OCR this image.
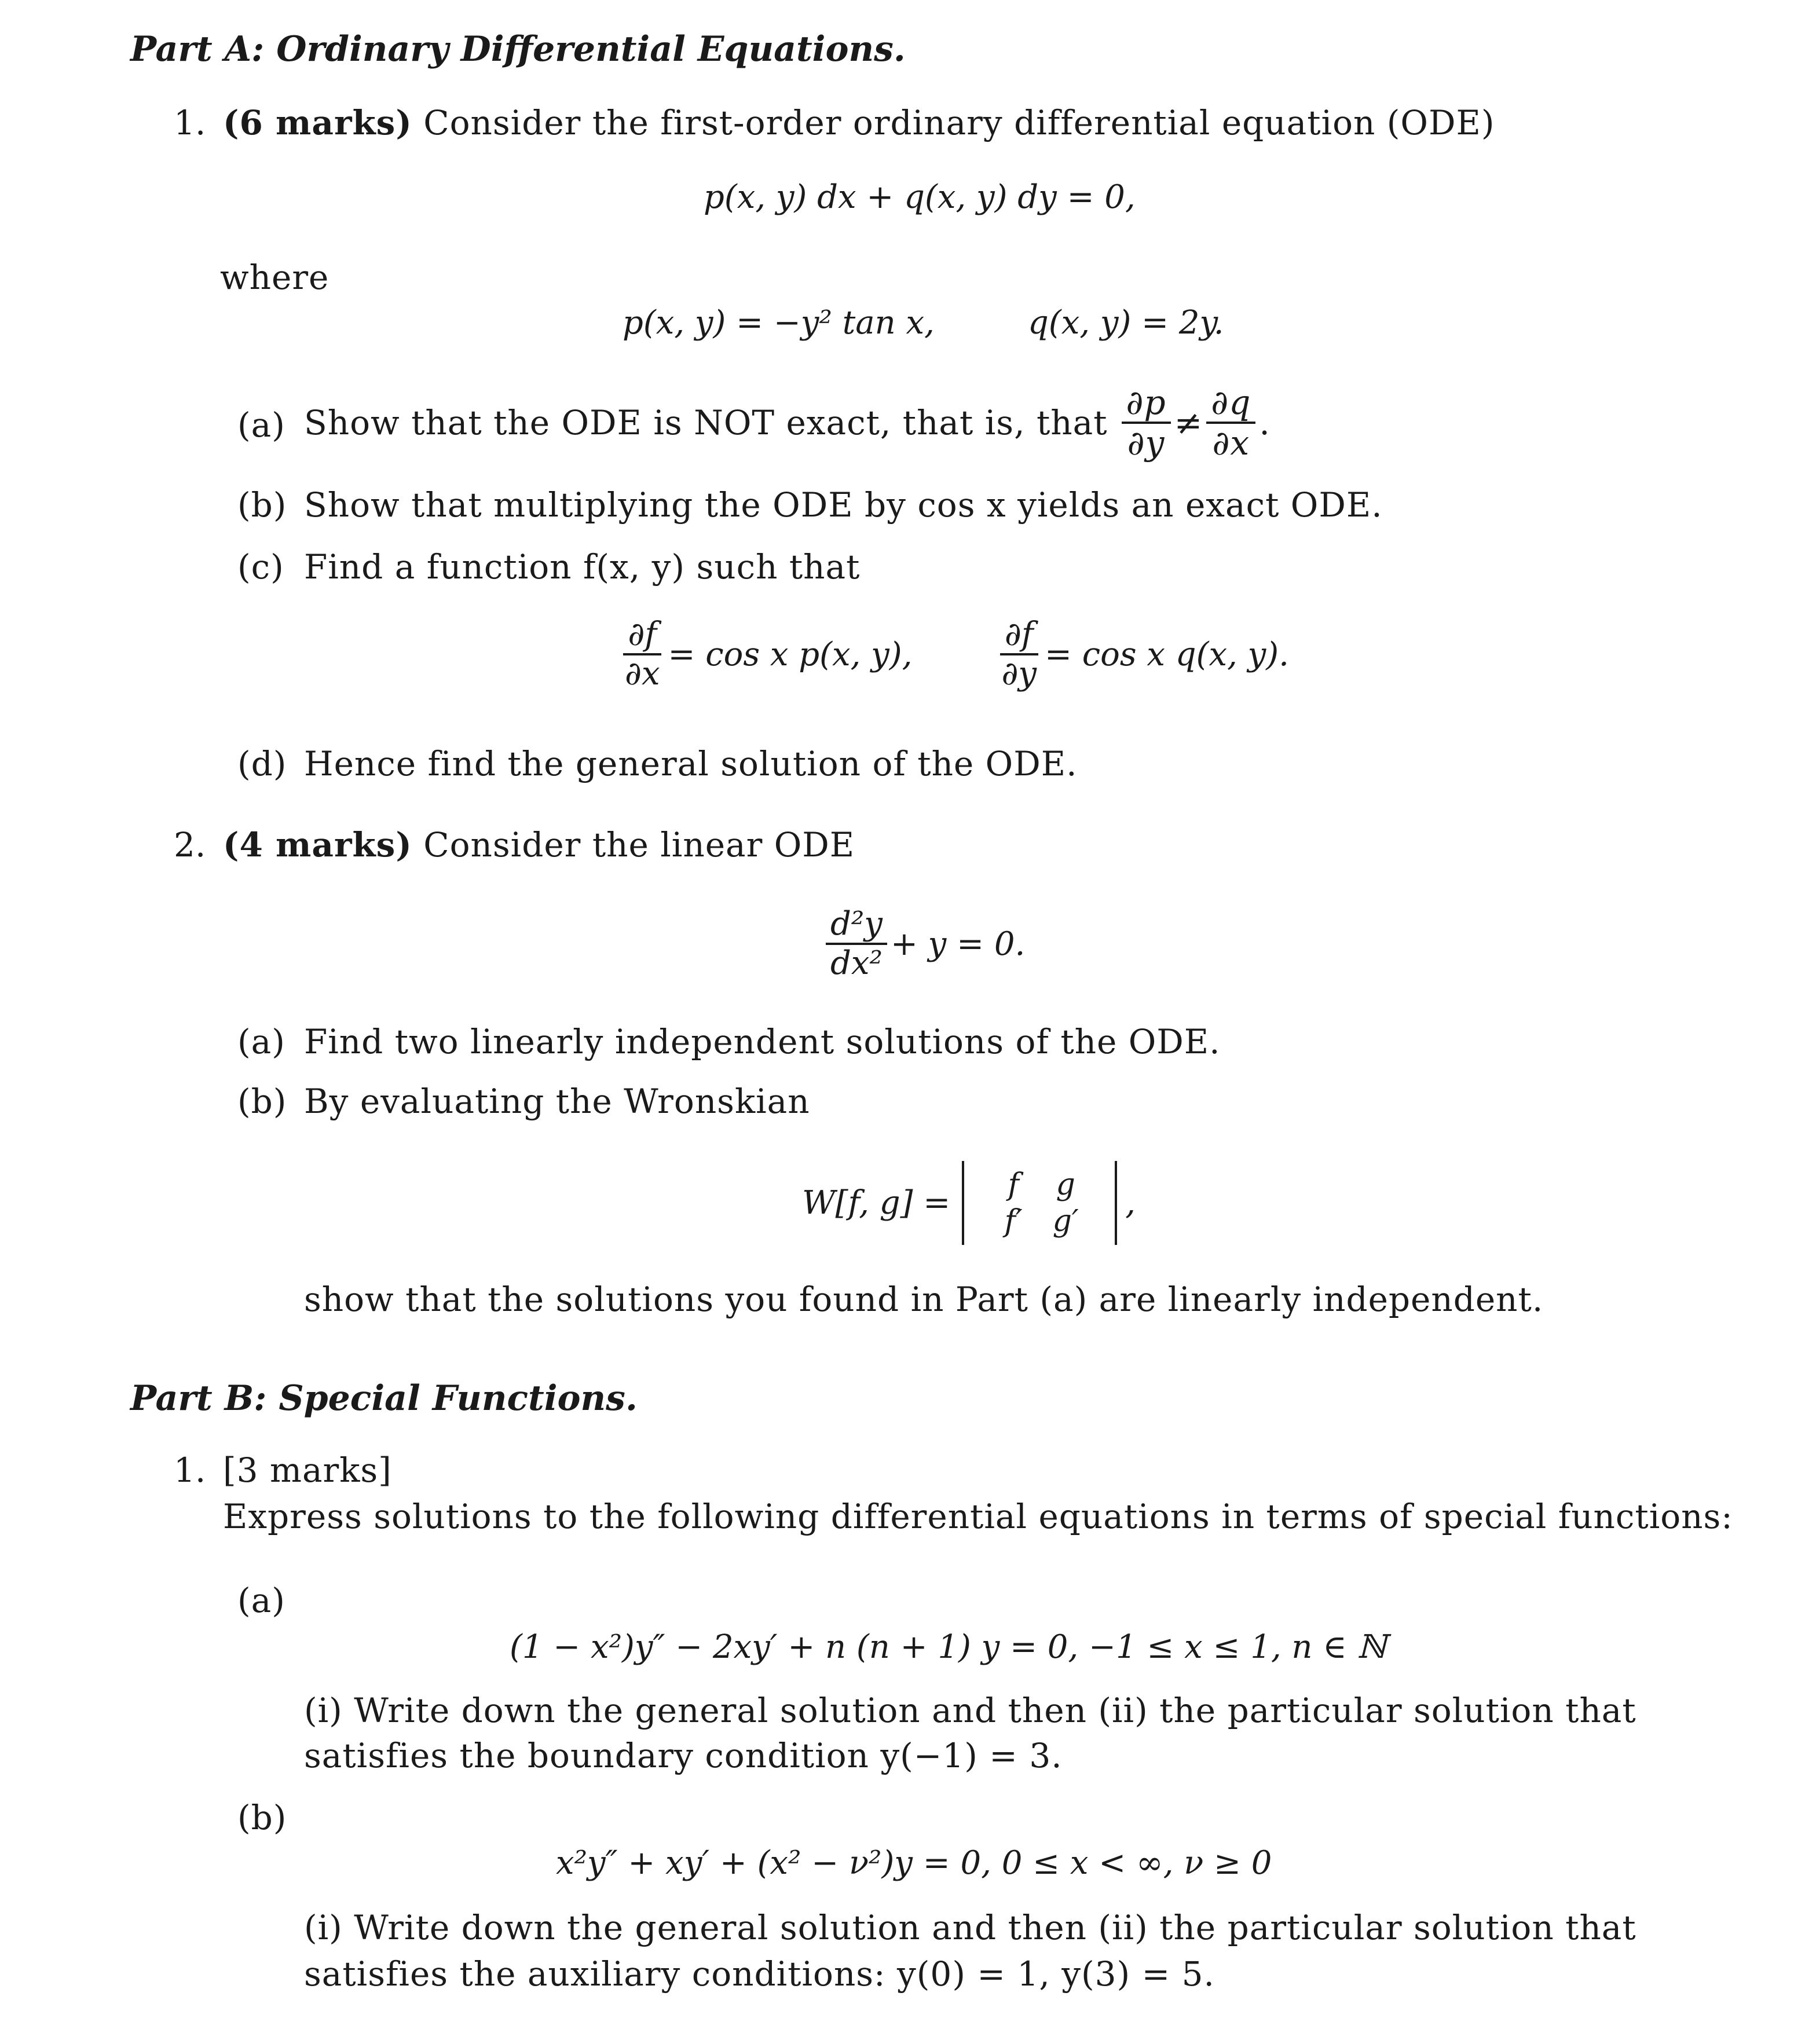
Part A: Ordinary Differential Equations.
1. (6 marks) Consider the first-order ordinary differential equation (ODE)
p(x, y) dx + q(x, y) dy = 0,
where
p(x, y) = −y² tan x,	q(x, y) = 2y.
(a) Show that the ODE is NOT exact, that is, that $\frac{\partial p}{\partial y} \ne \frac{\partial q}{\partial x}$ .
(b) Show that multiplying the ODE by cos x yields an exact ODE.
(c) Find a function f(x, y) such that
$\frac{\partial f}{\partial x} = \cos x$ p(x, y),	$\frac{\partial f}{\partial y} = \cos x$ q(x, y).
(d) Hence find the general solution of the ODE.
2. (4 marks) Consider the linear ODE
$\frac{\text{d²y}}{\text{dx²}} + y = 0$.
(a) Find two linearly independent solutions of the ODE.
(b) By evaluating the Wronskian
W[f, g] =	f g
f′ g′	,
show that the solutions you found in Part (a) are linearly independent.
Part B: Special Functions.
1. [3 marks]
Express solutions to the following differential equations in terms of special functions:
(a)
(1 − x²)y″ − 2xy′ + n (n + 1) y = 0, −1 ≤ x ≤ 1, n ∈ ℕ
(i) Write down the general solution and then (ii) the particular solution that
satisfies the boundary condition y(−1) = 3.
(b)
x²y″ + xy′ + (x² − ν²)y = 0, 0 ≤ x < ∞, ν ≥ 0
(i) Write down the general solution and then (ii) the particular solution that
satisfies the auxiliary conditions: y(0) = 1, y(3) = 5.
